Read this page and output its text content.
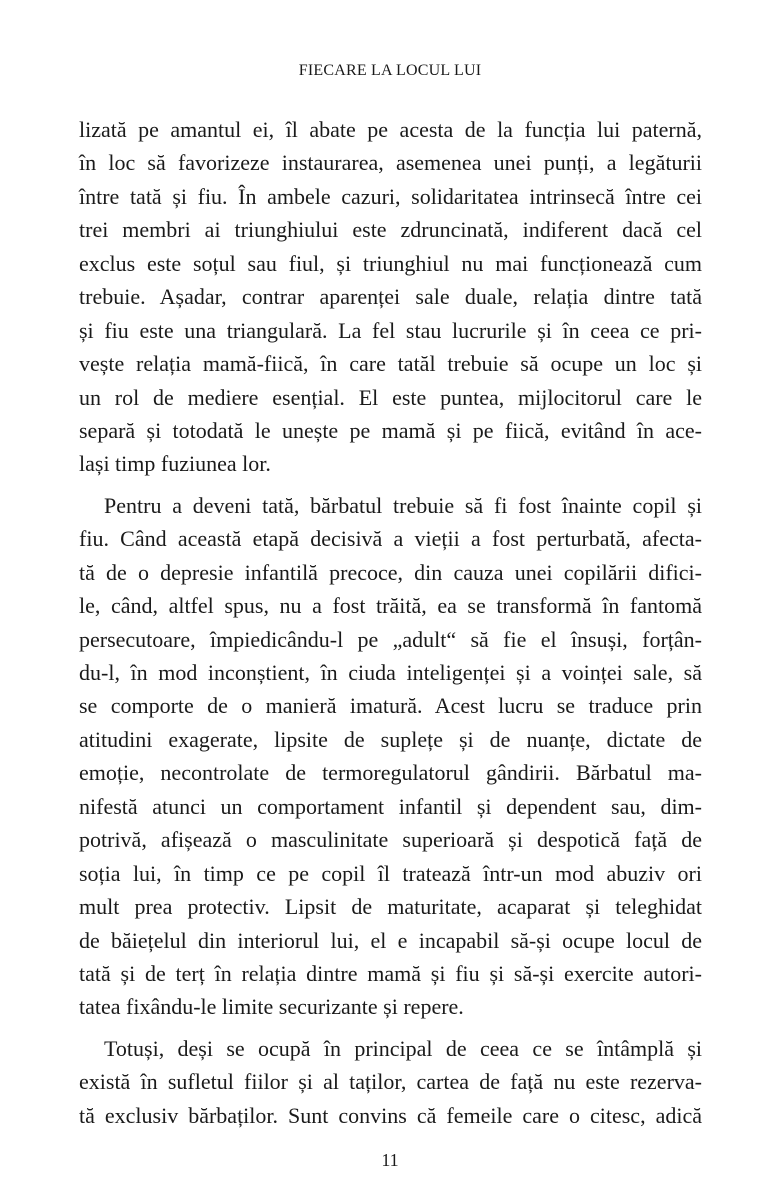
FIECARE LA LOCUL LUI
lizată pe amantul ei, îl abate pe acesta de la funcția lui paternă,
în loc să favorizeze instaurarea, asemenea unei punți, a legăturii
între tată și fiu. În ambele cazuri, solidaritatea intrinsecă între cei
trei membri ai triunghiului este zdruncinată, indiferent dacă cel
exclus este soțul sau fiul, și triunghiul nu mai funcționează cum
trebuie. Așadar, contrar aparenței sale duale, relația dintre tată
și fiu este una triangulară. La fel stau lucrurile și în ceea ce pri-
vește relația mamă-fiică, în care tatăl trebuie să ocupe un loc și
un rol de mediere esențial. El este puntea, mijlocitorul care le
separă și totodată le unește pe mamă și pe fiică, evitând în ace-
lași timp fuziunea lor.
Pentru a deveni tată, bărbatul trebuie să fi fost înainte copil și
fiu. Când această etapă decisivă a vieții a fost perturbată, afecta-
tă de o depresie infantilă precoce, din cauza unei copilării difici-
le, când, altfel spus, nu a fost trăită, ea se transformă în fantomă
persecutoare, împiedicându-l pe „adult“ să fie el însuși, forțân-
du-l, în mod inconștient, în ciuda inteligenței și a voinței sale, să
se comporte de o manieră imatură. Acest lucru se traduce prin
atitudini exagerate, lipsite de suplețe și de nuanțe, dictate de
emoție, necontrolate de termoregulatorul gândirii. Bărbatul ma-
nifestă atunci un comportament infantil și dependent sau, dim-
potrivă, afișează o masculinitate superioară și despotică față de
soția lui, în timp ce pe copil îl tratează într-un mod abuziv ori
mult prea protectiv. Lipsit de maturitate, acaparat și teleghidat
de băiețelul din interiorul lui, el e incapabil să-și ocupe locul de
tată și de terț în relația dintre mamă și fiu și să-și exercite autori-
tatea fixându-le limite securizante și repere.
Totuși, deși se ocupă în principal de ceea ce se întâmplă și
există în sufletul fiilor și al taților, cartea de față nu este rezerva-
tă exclusiv bărbaților. Sunt convins că femeile care o citesc, adică
11
